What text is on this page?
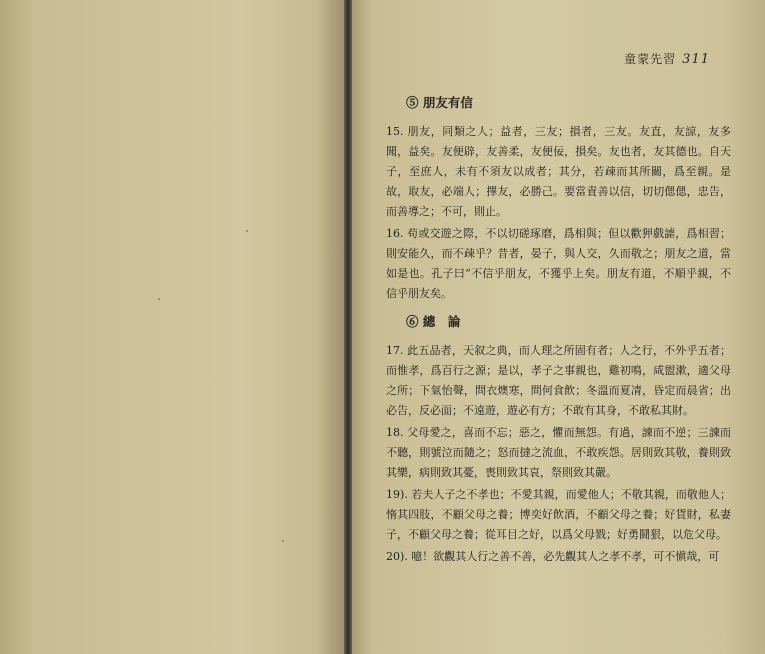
童蒙先習 311
⑤ 朋友有信

15. 朋友，同類之人；益者，三友；損者，三友。友直，友諒，友多聞，益矣。友便辟，友善柔，友便佞，損矣。友也者，友其德也。自天子，至庶人，未有不須友以成者；其分，若疎而其所關，爲至親。是故，取友，必端人；擇友，必勝己。要當責善以信，切切偲偲，忠告，而善導之；不可，則止。

16. 苟或交遊之際，不以切磋琢磨，爲相與；但以歡狎戲謔，爲相習；則安能久，而不疎乎？昔者，晏子，與人交，久而敬之；朋友之道，當如是也。孔子曰“不信乎朋友，不獲乎上矣。朋友有道，不順乎親，不信乎朋友矣。

⑥ 總　論

17. 此五品者，天叙之典，而人理之所固有者；人之行，不外乎五者；而惟孝，爲百行之源；是以，孝子之事親也，雞初鳴，咸盥漱，適父母之所；下氣怡聲，問衣燠寒，問何食飲；冬溫而夏凊，昏定而晨省；出必告，反必面；不遠遊，遊必有方；不敢有其身，不敢私其財。

18. 父母愛之，喜而不忘；惡之，懼而無怨。有過，諫而不逆；三諫而不聽，則號泣而隨之；怒而撻之流血，不敢疾怨。居則致其敬，養則致其樂，病則致其憂，喪則致其哀，祭則致其嚴。

19). 若夫人子之不孝也；不愛其親，而愛他人；不敬其親，而敬他人；惰其四肢，不顧父母之養；博奕好飲酒，不顧父母之養；好貨財，私妻子，不顧父母之養；從耳目之好，以爲父母戮；好勇鬪狠，以危父母。

20). 噫！欲觀其人行之善不善，必先觀其人之孝不孝，可不愼哉，可
